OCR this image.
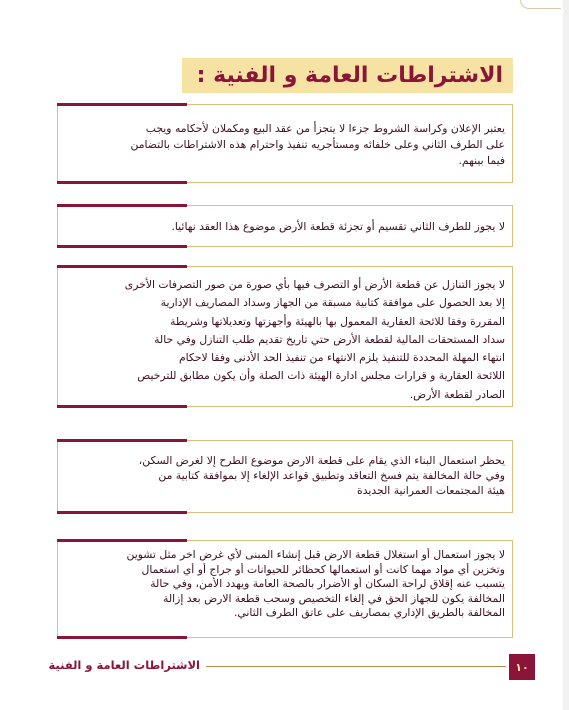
الاشتراطات العامة و الفنية :

يعتبر الإعلان وكراسة الشروط جزءا لا يتجزأ من عقد البيع ومكملان لأحكامه ويجب

على الطرف الثاني وعلى خلفائه ومستأجريه تنفيذ واحترام هذه الاشتراطات بالتضامن

فيما بينهم.

لا يجوز للطرف الثاني تقسيم أو تجزئة قطعة الأرض موضوع هذا العقد نهائيا.

لا يجوز التنازل عن قطعة الأرض أو التصرف فيها بأي صورة من صور التصرفات الأخرى

إلا بعد الحصول على موافقة كتابية مسبقة من الجهاز وسداد المصاريف الإدارية

المقررة وفقا للائحة العقارية المعمول بها بالهيئة وأجهزتها وتعديلاتها وشريطة

سداد المستحقات المالية لقطعة الأرض حتي تاريخ تقديم طلب التنازل وفي حالة

انتهاء المهلة المحددة للتنفيذ يلزم الانتهاء من تنفيذ الحد الأدنى وفقا لاحكام

اللائحة العقارية و قرارات مجلس ادارة الهيئة ذات الصلة وأن يكون مطابق للترخيص

الصادر لقطعة الأرض.

يحظر استعمال البناء الذي يقام على قطعة الارض موضوع الطرح إلا لغرض السكن،

وفي حالة المخالفة يتم فسخ التعاقد وتطبيق قواعد الإلغاء إلا بموافقة كتابية من

هيئة المجتمعات العمرانية الجديدة

لا يجوز استعمال أو استغلال قطعة الارض قبل إنشاء المبنى لأي غرض اخر مثل تشوين

وتخزين أي مواد مهما كانت أو استعمالها كحظائر للحيوانات أو جراج أو أي استعمال

يتسبب عنه إقلاق لراحة السكان أو الأضرار بالصحة العامة ويهدد الأمن، وفي حالة

المخالفة يكون للجهاز الحق في إلغاء التخصيص وسحب قطعة الارض بعد إزالة

المخالفة بالطريق الإداري بمصاريف على عاتق الطرف الثاني.

١٠
الاشتراطات العامة و الفنية
